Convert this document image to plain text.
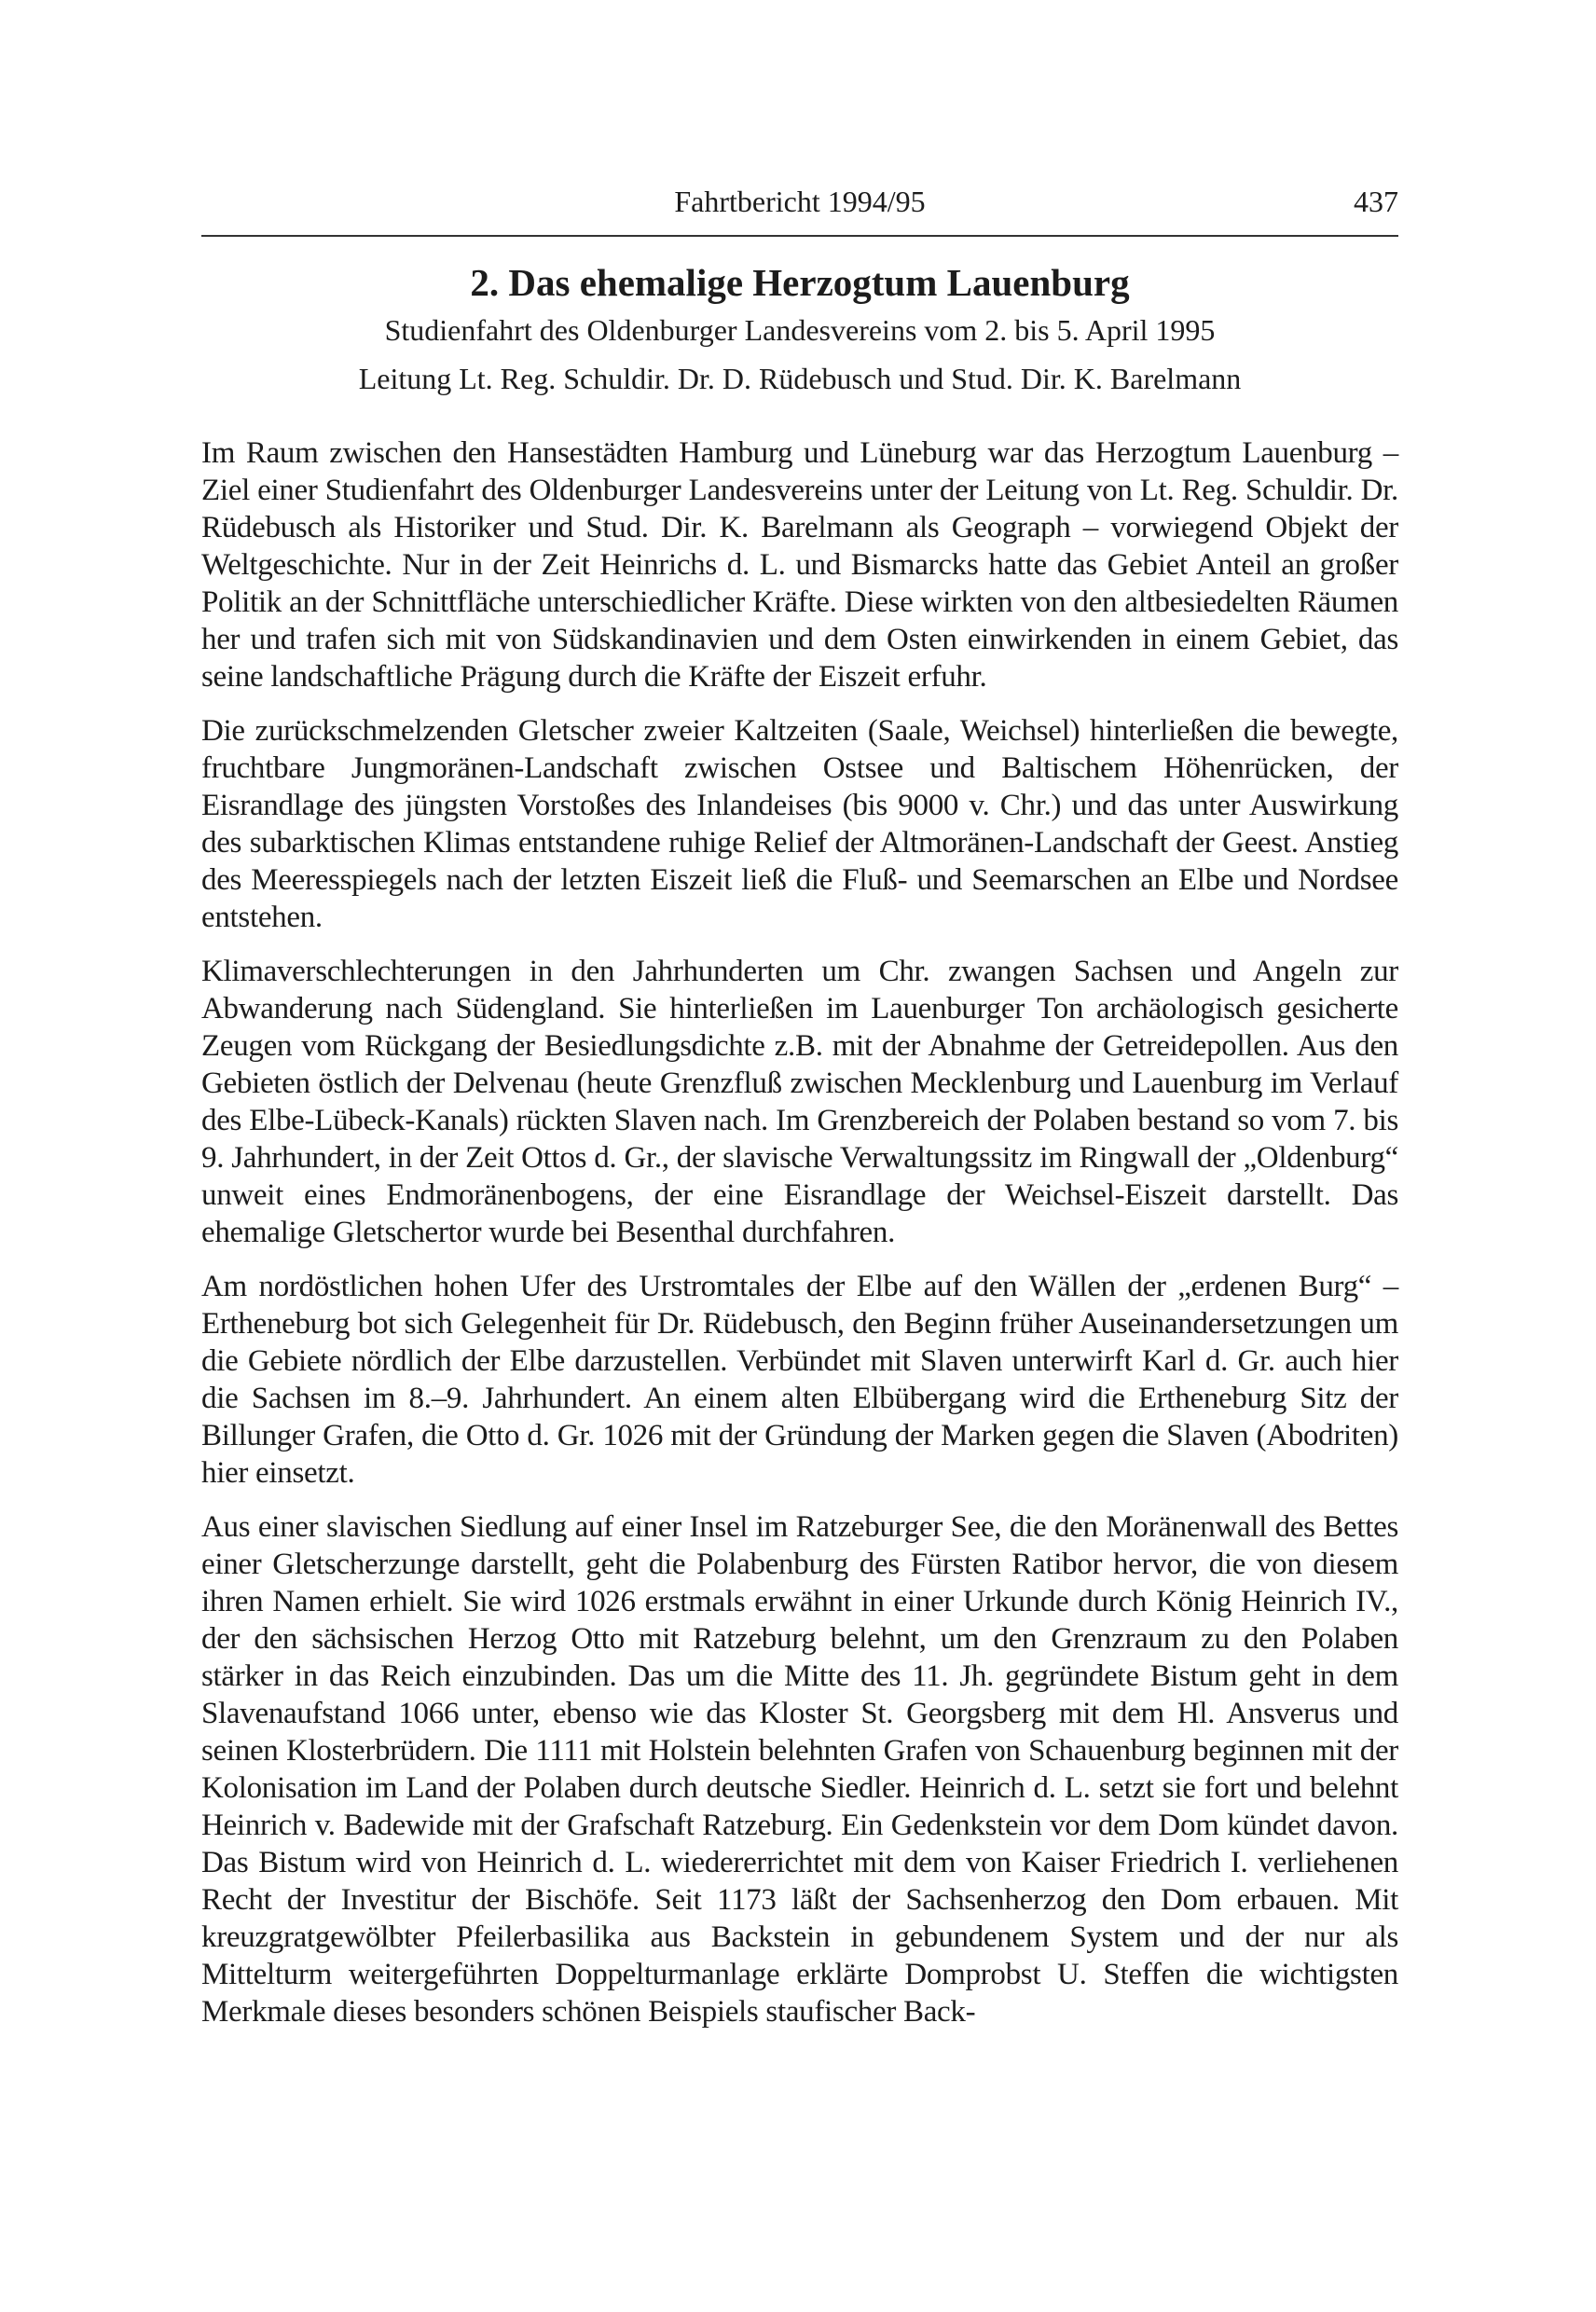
Fahrtbericht 1994/95	437
2. Das ehemalige Herzogtum Lauenburg

Studienfahrt des Oldenburger Landesvereins vom 2. bis 5. April 1995

Leitung Lt. Reg. Schuldir. Dr. D. Rüdebusch und Stud. Dir. K. Barelmann

Im Raum zwischen den Hansestädten Hamburg und Lüneburg war das Herzogtum Lauenburg – Ziel einer Studienfahrt des Oldenburger Landesvereins unter der Leitung von Lt. Reg. Schuldir. Dr. Rüdebusch als Historiker und Stud. Dir. K. Barelmann als Geograph – vorwiegend Objekt der Weltgeschichte. Nur in der Zeit Heinrichs d. L. und Bismarcks hatte das Gebiet Anteil an großer Politik an der Schnittfläche unterschiedlicher Kräfte. Diese wirkten von den altbesiedelten Räumen her und trafen sich mit von Südskandinavien und dem Osten einwirkenden in einem Gebiet, das seine landschaftliche Prägung durch die Kräfte der Eiszeit erfuhr.

Die zurückschmelzenden Gletscher zweier Kaltzeiten (Saale, Weichsel) hinterließen die bewegte, fruchtbare Jungmoränen-Landschaft zwischen Ostsee und Baltischem Höhenrücken, der Eisrandlage des jüngsten Vorstoßes des Inlandeises (bis 9000 v. Chr.) und das unter Auswirkung des subarktischen Klimas entstandene ruhige Relief der Altmoränen-Landschaft der Geest. Anstieg des Meeresspiegels nach der letzten Eiszeit ließ die Fluß- und Seemarschen an Elbe und Nordsee entstehen.

Klimaverschlechterungen in den Jahrhunderten um Chr. zwangen Sachsen und Angeln zur Abwanderung nach Südengland. Sie hinterließen im Lauenburger Ton archäologisch gesicherte Zeugen vom Rückgang der Besiedlungsdichte z.B. mit der Abnahme der Getreidepollen. Aus den Gebieten östlich der Delvenau (heute Grenzfluß zwischen Mecklenburg und Lauenburg im Verlauf des Elbe-Lübeck-Kanals) rückten Slaven nach. Im Grenzbereich der Polaben bestand so vom 7. bis 9. Jahrhundert, in der Zeit Ottos d. Gr., der slavische Verwaltungssitz im Ringwall der „Oldenburg“ unweit eines Endmoränenbogens, der eine Eisrandlage der Weichsel-Eiszeit darstellt. Das ehemalige Gletschertor wurde bei Besenthal durchfahren.

Am nordöstlichen hohen Ufer des Urstromtales der Elbe auf den Wällen der „erdenen Burg“ – Ertheneburg bot sich Gelegenheit für Dr. Rüdebusch, den Beginn früher Auseinandersetzungen um die Gebiete nördlich der Elbe darzustellen. Verbündet mit Slaven unterwirft Karl d. Gr. auch hier die Sachsen im 8.–9. Jahrhundert. An einem alten Elbübergang wird die Ertheneburg Sitz der Billunger Grafen, die Otto d. Gr. 1026 mit der Gründung der Marken gegen die Slaven (Abodriten) hier einsetzt.

Aus einer slavischen Siedlung auf einer Insel im Ratzeburger See, die den Moränenwall des Bettes einer Gletscherzunge darstellt, geht die Polabenburg des Fürsten Ratibor hervor, die von diesem ihren Namen erhielt. Sie wird 1026 erstmals erwähnt in einer Urkunde durch König Heinrich IV., der den sächsischen Herzog Otto mit Ratzeburg belehnt, um den Grenzraum zu den Polaben stärker in das Reich einzubinden. Das um die Mitte des 11. Jh. gegründete Bistum geht in dem Slavenaufstand 1066 unter, ebenso wie das Kloster St. Georgsberg mit dem Hl. Ansverus und seinen Klosterbrüdern. Die 1111 mit Holstein belehnten Grafen von Schauenburg beginnen mit der Kolonisation im Land der Polaben durch deutsche Siedler. Heinrich d. L. setzt sie fort und belehnt Heinrich v. Badewide mit der Grafschaft Ratzeburg. Ein Gedenkstein vor dem Dom kündet davon. Das Bistum wird von Heinrich d. L. wiedererrichtet mit dem von Kaiser Friedrich I. verliehenen Recht der Investitur der Bischöfe. Seit 1173 läßt der Sachsenherzog den Dom erbauen. Mit kreuzgratgewölbter Pfeilerbasilika aus Backstein in gebundenem System und der nur als Mittelturm weitergeführten Doppelturmanlage erklärte Domprobst U. Steffen die wichtigsten Merkmale dieses besonders schönen Beispiels staufischer Back-
